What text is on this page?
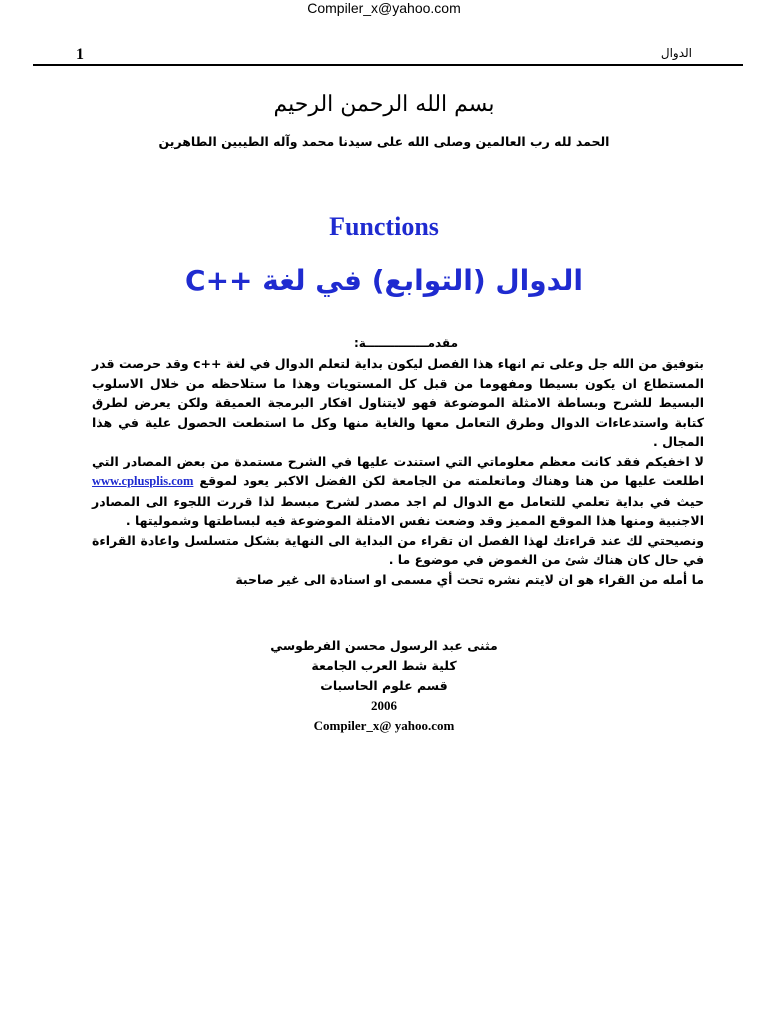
Compiler_x@yahoo.com
1	الدوال
بسم الله الرحمن الرحيم
الحمد لله رب العالمين وصلى الله على سيدنا محمد وآله الطيبين الطاهرين
Functions
الدوال (التوابع) في لغة ++C
مقدمـــــــــــــــة:

بتوفيق من الله جل وعلى تم انهاء هذا الفصل ليكون بداية لتعلم الدوال في لغة ++c وقد حرصت قدر المستطاع ان يكون بسيطا ومفهوما من قبل كل المستويات وهذا ما ستلاحظه من خلال الاسلوب البسيط للشرح وبساطة الامثلة الموضوعة فهو لايتناول افكار البرمجة العميقة ولكن يعرض لطرق كتابة واستدعاءات الدوال وطرق التعامل معها والغاية منها وكل ما استطعت الحصول علية في هذا المجال .

لا اخفيكم فقد كانت معظم معلوماتي التي استندت عليها في الشرح مستمدة من بعض المصادر التي اطلعت عليها من هنا وهناك وماتعلمته من الجامعة لكن الفضل الاكبر يعود لموقع www.cplusplis.com حيث في بداية تعلمي للتعامل مع الدوال لم اجد مصدر لشرح مبسط لذا قررت اللجوء الى المصادر الاجنبية ومنها هذا الموقع المميز وقد وضعت نفس الامثلة الموضوعة فيه لبساطتها وشموليتها .

ونصيحتي لك عند قراءتك لهذا الفصل ان تقراء من البداية الى النهاية بشكل متسلسل واعادة القراءة في حال كان هناك شئ من الغموض في موضوع ما .

ما أمله من القراء هو ان لايتم نشره تحت أي مسمى او اسنادة الى غير صاحبة

مثنى عبد الرسول محسن الفرطوسي
كلية شط العرب الجامعة
قسم علوم الحاسبات
2006
Compiler_x@ yahoo.com
